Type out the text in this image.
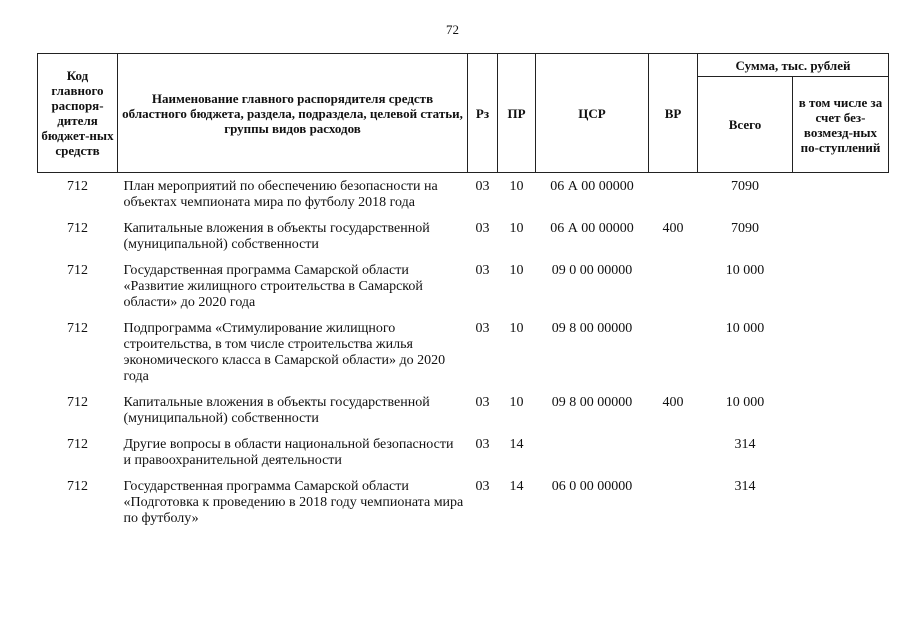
72
Код главного распоря-дителя бюджет-ных средств	Наименование главного распорядителя средств областного бюджета, раздела, подраздела, целевой статьи, группы видов расходов	Рз	ПР	ЦСР	ВР	Сумма, тыс. рублей	
						Всего	в том числе за счет без-возмезд-ных по-ступлений
712	План мероприятий по обеспечению безопасности на объектах чемпионата мира по футболу 2018 года	03	10	06 А 00 00000		7090	
712	Капитальные вложения в объекты государственной (муниципальной) собственности	03	10	06 А 00 00000	400	7090	
712	Государственная программа Самарской области «Развитие жилищного строительства в Самарской области» до 2020 года	03	10	09 0 00 00000		10 000	
712	Подпрограмма «Стимулирование жилищного строительства, в том числе строительства жилья экономического класса в Самарской области» до 2020 года	03	10	09 8 00 00000		10 000	
712	Капитальные вложения в объекты государственной (муниципальной) собственности	03	10	09 8 00 00000	400	10 000	
712	Другие вопросы в области национальной безопасности и правоохранительной деятельности	03	14			314	
712	Государственная программа Самарской области «Подготовка к проведению в 2018 году чемпионата мира по футболу»	03	14	06 0 00 00000		314	
